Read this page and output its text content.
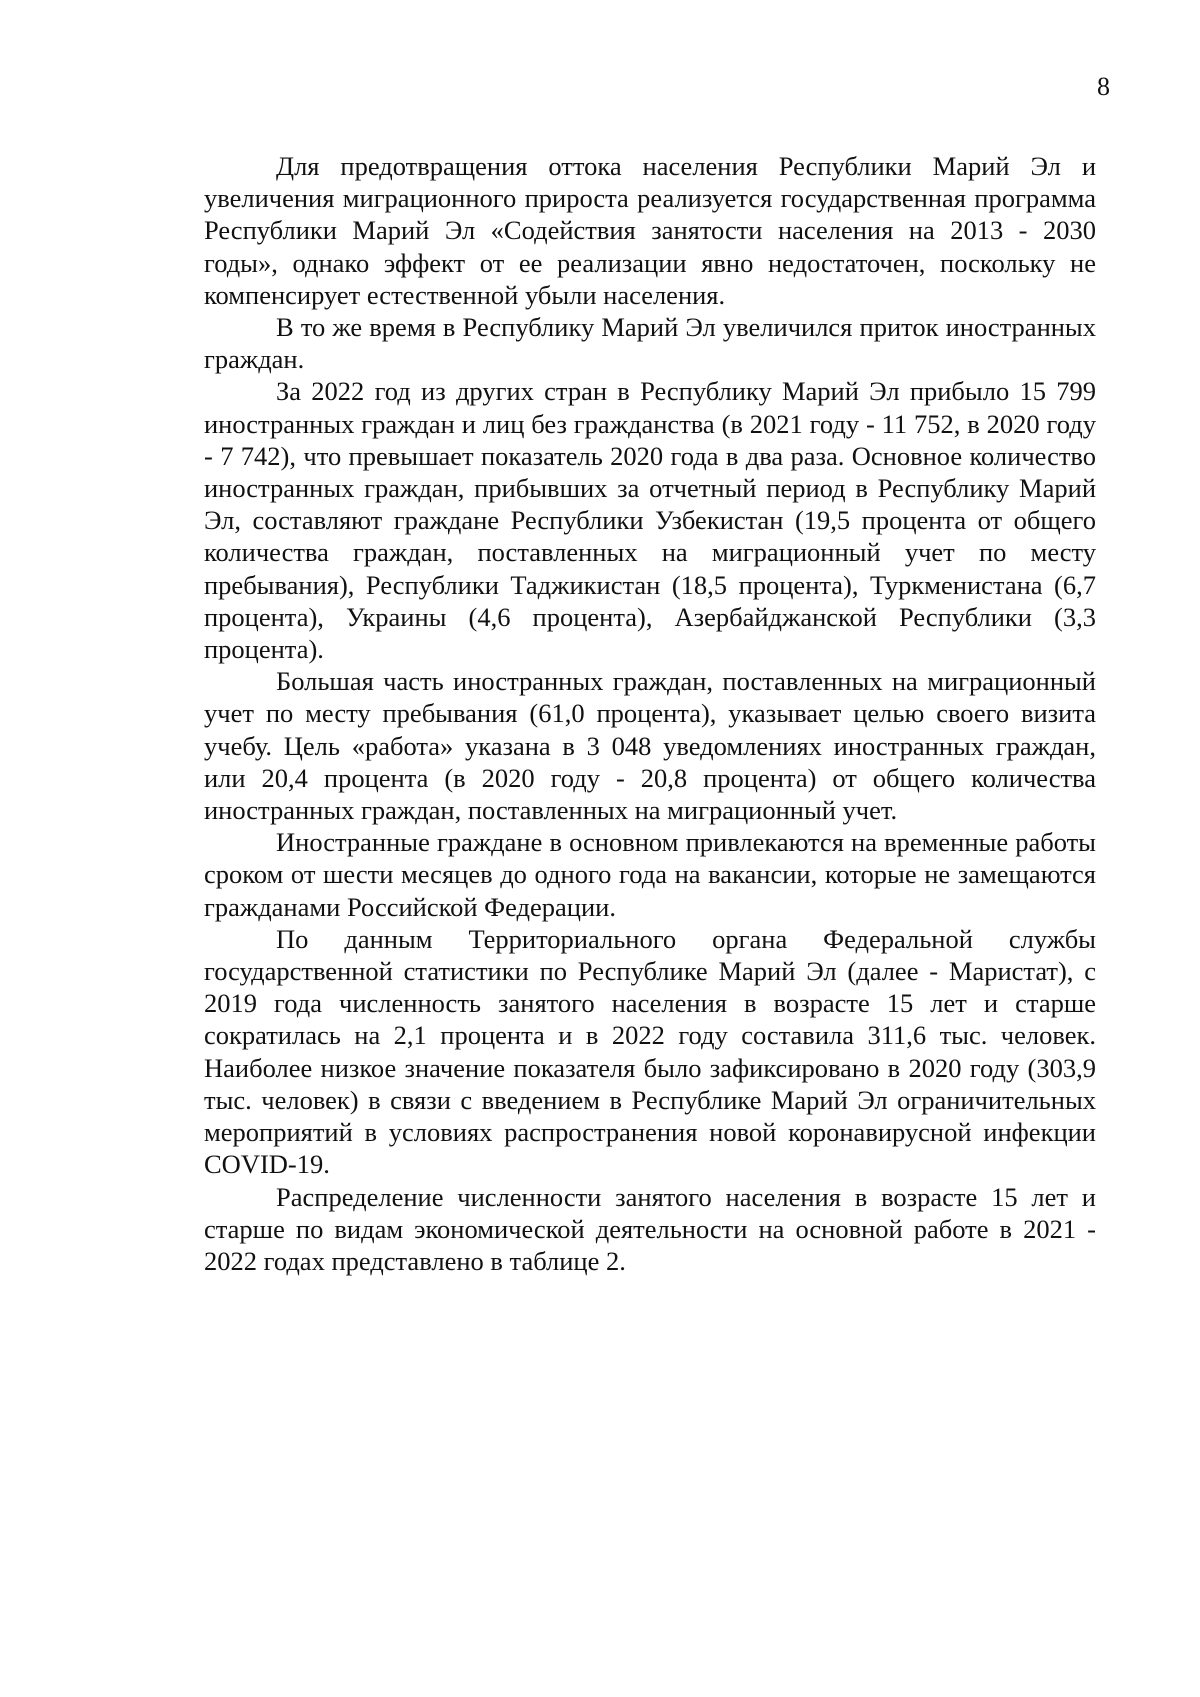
8

Для предотвращения оттока населения Республики Марий Эл и увеличения миграционного прироста реализуется государственная программа Республики Марий Эл «Содействия занятости населения на 2013 - 2030 годы», однако эффект от ее реализации явно недостаточен, поскольку не компенсирует естественной убыли населения.

В то же время в Республику Марий Эл увеличился приток иностранных граждан.

За 2022 год из других стран в Республику Марий Эл прибыло 15 799 иностранных граждан и лиц без гражданства (в 2021 году - 11 752, в 2020 году - 7 742), что превышает показатель 2020 года в два раза. Основное количество иностранных граждан, прибывших за отчетный период в Республику Марий Эл, составляют граждане Республики Узбекистан (19,5 процента от общего количества граждан, поставленных на миграционный учет по месту пребывания), Республики Таджикистан (18,5 процента), Туркменистана (6,7 процента), Украины (4,6 процента), Азербайджанской Республики (3,3 процента).

Большая часть иностранных граждан, поставленных на миграционный учет по месту пребывания (61,0 процента), указывает целью своего визита учебу. Цель «работа» указана в 3 048 уведомлениях иностранных граждан, или 20,4 процента (в 2020 году - 20,8 процента) от общего количества иностранных граждан, поставленных на миграционный учет.

Иностранные граждане в основном привлекаются на временные работы сроком от шести месяцев до одного года на вакансии, которые не замещаются гражданами Российской Федерации.

По данным Территориального органа Федеральной службы государственной статистики по Республике Марий Эл (далее - Маристат), с 2019 года численность занятого населения в возрасте 15 лет и старше сократилась на 2,1 процента и в 2022 году составила 311,6 тыс. человек. Наиболее низкое значение показателя было зафиксировано в 2020 году (303,9 тыс. человек) в связи с введением в Республике Марий Эл ограничительных мероприятий в условиях распространения новой коронавирусной инфекции COVID-19.

Распределение численности занятого населения в возрасте 15 лет и старше по видам экономической деятельности на основной работе в 2021 - 2022 годах представлено в таблице 2.
